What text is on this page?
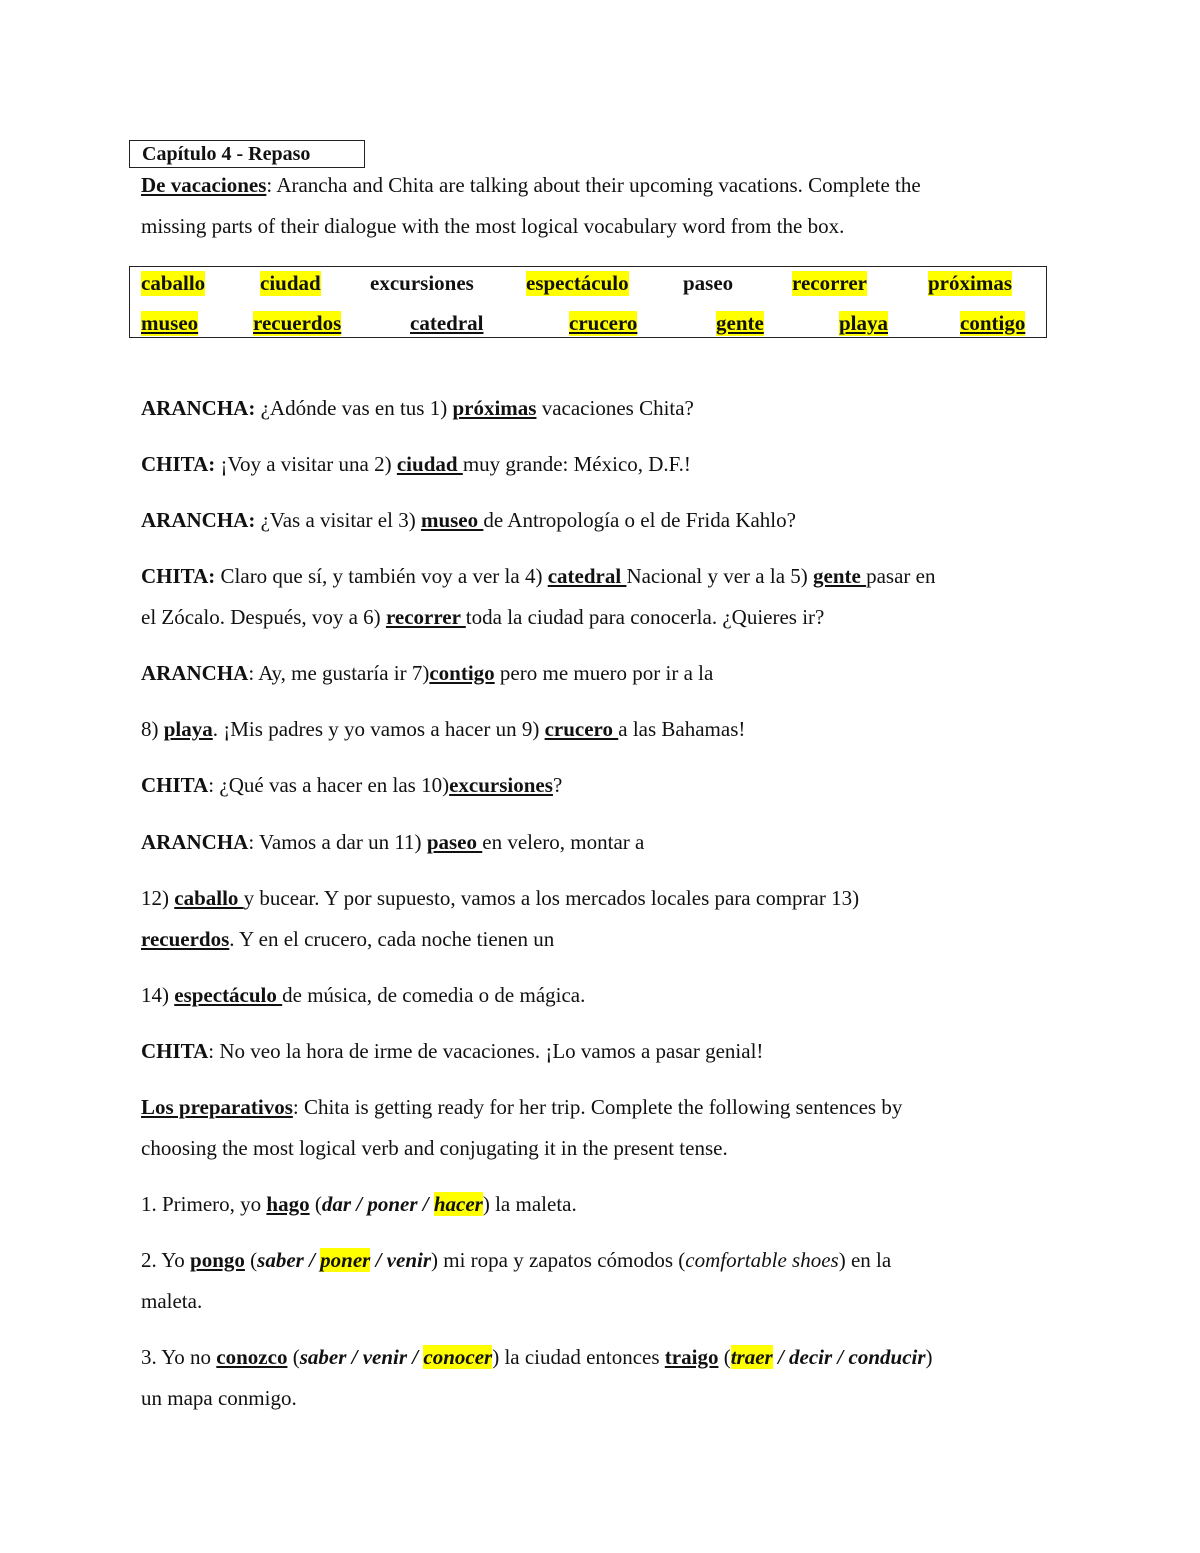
Capítulo 4 - Repaso
De vacaciones: Arancha and Chita are talking about their upcoming vacations. Complete the
missing parts of their dialogue with the most logical vocabulary word from the box.
caballo	ciudad excursiones espectáculo	paseo	recorrer	próximas
museo	recuerdos	catedral	crucero	gente	playa	contigo
ARANCHA: ¿Adónde vas en tus 1) próximas vacaciones Chita?
CHITA: ¡Voy a visitar una 2) ciudad muy grande: México, D.F.!
ARANCHA: ¿Vas a visitar el 3) museo de Antropología o el de Frida Kahlo?
CHITA: Claro que sí, y también voy a ver la 4) catedral Nacional y ver a la 5) gente pasar en
el Zócalo. Después, voy a 6) recorrer toda la ciudad para conocerla. ¿Quieres ir?
ARANCHA: Ay, me gustaría ir 7)contigo pero me muero por ir a la
8) playa. ¡Mis padres y yo vamos a hacer un 9) crucero a las Bahamas!
CHITA: ¿Qué vas a hacer en las 10)excursiones?
ARANCHA: Vamos a dar un 11) paseo en velero, montar a
12) caballo y bucear. Y por supuesto, vamos a los mercados locales para comprar 13)
recuerdos. Y en el crucero, cada noche tienen un
14) espectáculo de música, de comedia o de mágica.
CHITA: No veo la hora de irme de vacaciones. ¡Lo vamos a pasar genial!
Los preparativos: Chita is getting ready for her trip. Complete the following sentences by
choosing the most logical verb and conjugating it in the present tense.
1. Primero, yo hago (dar / poner / hacer) la maleta.
2. Yo pongo (saber / poner / venir) mi ropa y zapatos cómodos (comfortable shoes) en la
maleta.
3. Yo no conozco (saber / venir / conocer) la ciudad entonces traigo (traer / decir / conducir)
un mapa conmigo.
